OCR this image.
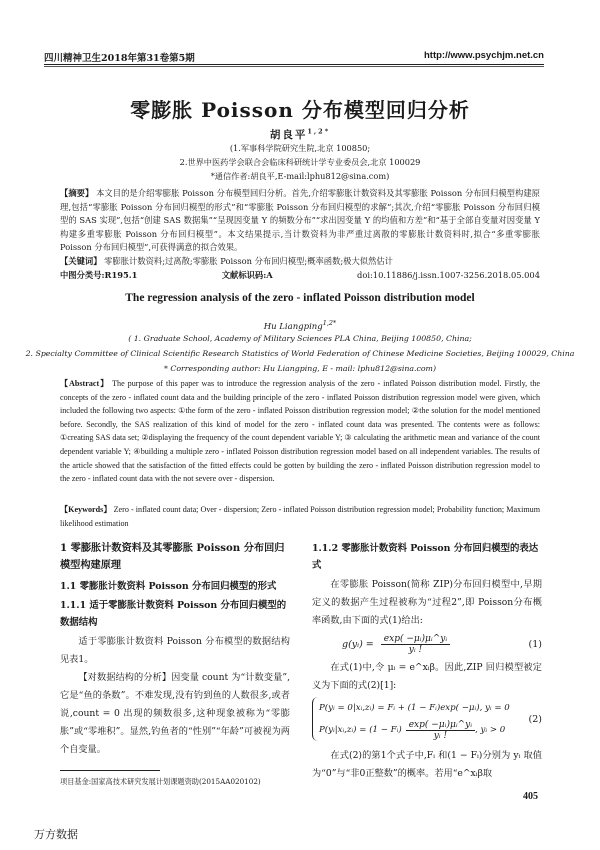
四川精神卫生2018年第31卷第5期	http://www.psychjm.net.cn
零膨胀 Poisson 分布模型回归分析
胡良平$^{1,2*}$
(1.军事科学院研究生院,北京 100850;
2.世界中医药学会联合会临床科研统计学专业委员会,北京 100029
*通信作者:胡良平,E-mail:lphu812@sina.com)
【摘要】 本文目的是介绍零膨胀 Poisson 分布模型回归分析。首先,介绍零膨胀计数资料及其零膨胀 Poisson 分布回归模型构建原理,包括“零膨胀 Poisson 分布回归模型的形式”和“零膨胀 Poisson 分布回归模型的求解”;其次,介绍“零膨胀 Poisson 分布回归模型的 SAS 实现”,包括“创建 SAS 数据集”“呈现因变量 Y 的频数分布”“求出因变量 Y 的均值和方差”和“基于全部自变量对因变量 Y 构建多重零膨胀 Poisson 分布回归模型”。本文结果提示,当计数资料为非严重过离散的零膨胀计数资料时,拟合“多重零膨胀 Poisson 分布回归模型”,可获得满意的拟合效果。
【关键词】 零膨胀计数资料;过离散;零膨胀 Poisson 分布回归模型;概率函数;极大似然估计
中图分类号:R195.1	文献标识码:A	doi:10.11886/j.issn.1007-3256.2018.05.004
The regression analysis of the zero - inflated Poisson distribution model
Hu Liangping$^{1,2*}$
( 1. Graduate School, Academy of Military Sciences PLA China, Beijing 100850, China;
2. Specialty Committee of Clinical Scientific Research Statistics of World Federation of Chinese Medicine Societies, Beijing 100029, China
* Corresponding author: Hu Liangping, E - mail: lphu812@sina.com)
【Abstract】 The purpose of this paper was to introduce the regression analysis of the zero - inflated Poisson distribution model. Firstly, the concepts of the zero - inflated count data and the building principle of the zero - inflated Poisson distribution regression model were given, which included the following two aspects: ①the form of the zero - inflated Poisson distribution regression model; ②the solution for the model mentioned before. Secondly, the SAS realization of this kind of model for the zero - inflated count data was presented. The contents were as follows: ①creating SAS data set; ②displaying the frequency of the count dependent variable Y; ③ calculating the arithmetic mean and variance of the count dependent variable Y; ④building a multiple zero - inflated Poisson distribution regression model based on all independent variables. The results of the article showed that the satisfaction of the fitted effects could be gotten by building the zero - inflated Poisson distribution regression model to the zero - inflated count data with the not severe over - dispersion.
【Keywords】 Zero - inflated count data; Over - dispersion; Zero - inflated Poisson distribution regression model; Probability function; Maximum likelihood estimation
1 零膨胀计数资料及其零膨胀 Poisson 分布回归模型构建原理
1.1 零膨胀计数资料 Poisson 分布回归模型的形式
1.1.1 适于零膨胀计数资料 Poisson 分布回归模型的数据结构

适于零膨胀计数资料 Poisson 分布模型的数据结构见表1。

【对数据结构的分析】因变量 count 为“计数变量”,它是“鱼的条数”。不难发现,没有钓到鱼的人数很多,或者说,count = 0 出现的频数很多,这种现象被称为“零膨胀”或“零堆积”。显然,钓鱼者的“性别”“年龄”可被视为两个自变量。

1.1.2 零膨胀计数资料 Poisson 分布回归模型的表达式

在零膨胀 Poisson(简称 ZIP)分布回归模型中,早期定义的数据产生过程被称为“过程2”,即 Poisson分布概率函数,由下面的式(1)给出:

g(yᵢ) = $\frac{\text{exp( −μᵢ)μᵢ\textasciicircum{}yᵢ}}{\text{yᵢ !}}$	(1)

在式(1)中,令 μᵢ = e^xᵢβ。因此,ZIP 回归模型被定义为下面的式(2)[1]:

P(yᵢ = 0|xᵢ,zᵢ) = Fᵢ + (1 − Fᵢ)exp( −μᵢ), yᵢ = 0
P(yᵢ|xᵢ,zᵢ) = (1 − Fᵢ) $\frac{\text{exp( −μᵢ)μᵢ\textasciicircum{}yᵢ}}{\text{yᵢ !}}$ , yᵢ > 0
(2)

在式(2)的第1个式子中,Fᵢ 和(1 − Fᵢ)分别为 yᵢ 取值为“0”与“非0正整数”的概率。若用“e^xᵢβ取

项目基金:国家高技术研究发展计划课题资助(2015AA020102)
405
万方数据
